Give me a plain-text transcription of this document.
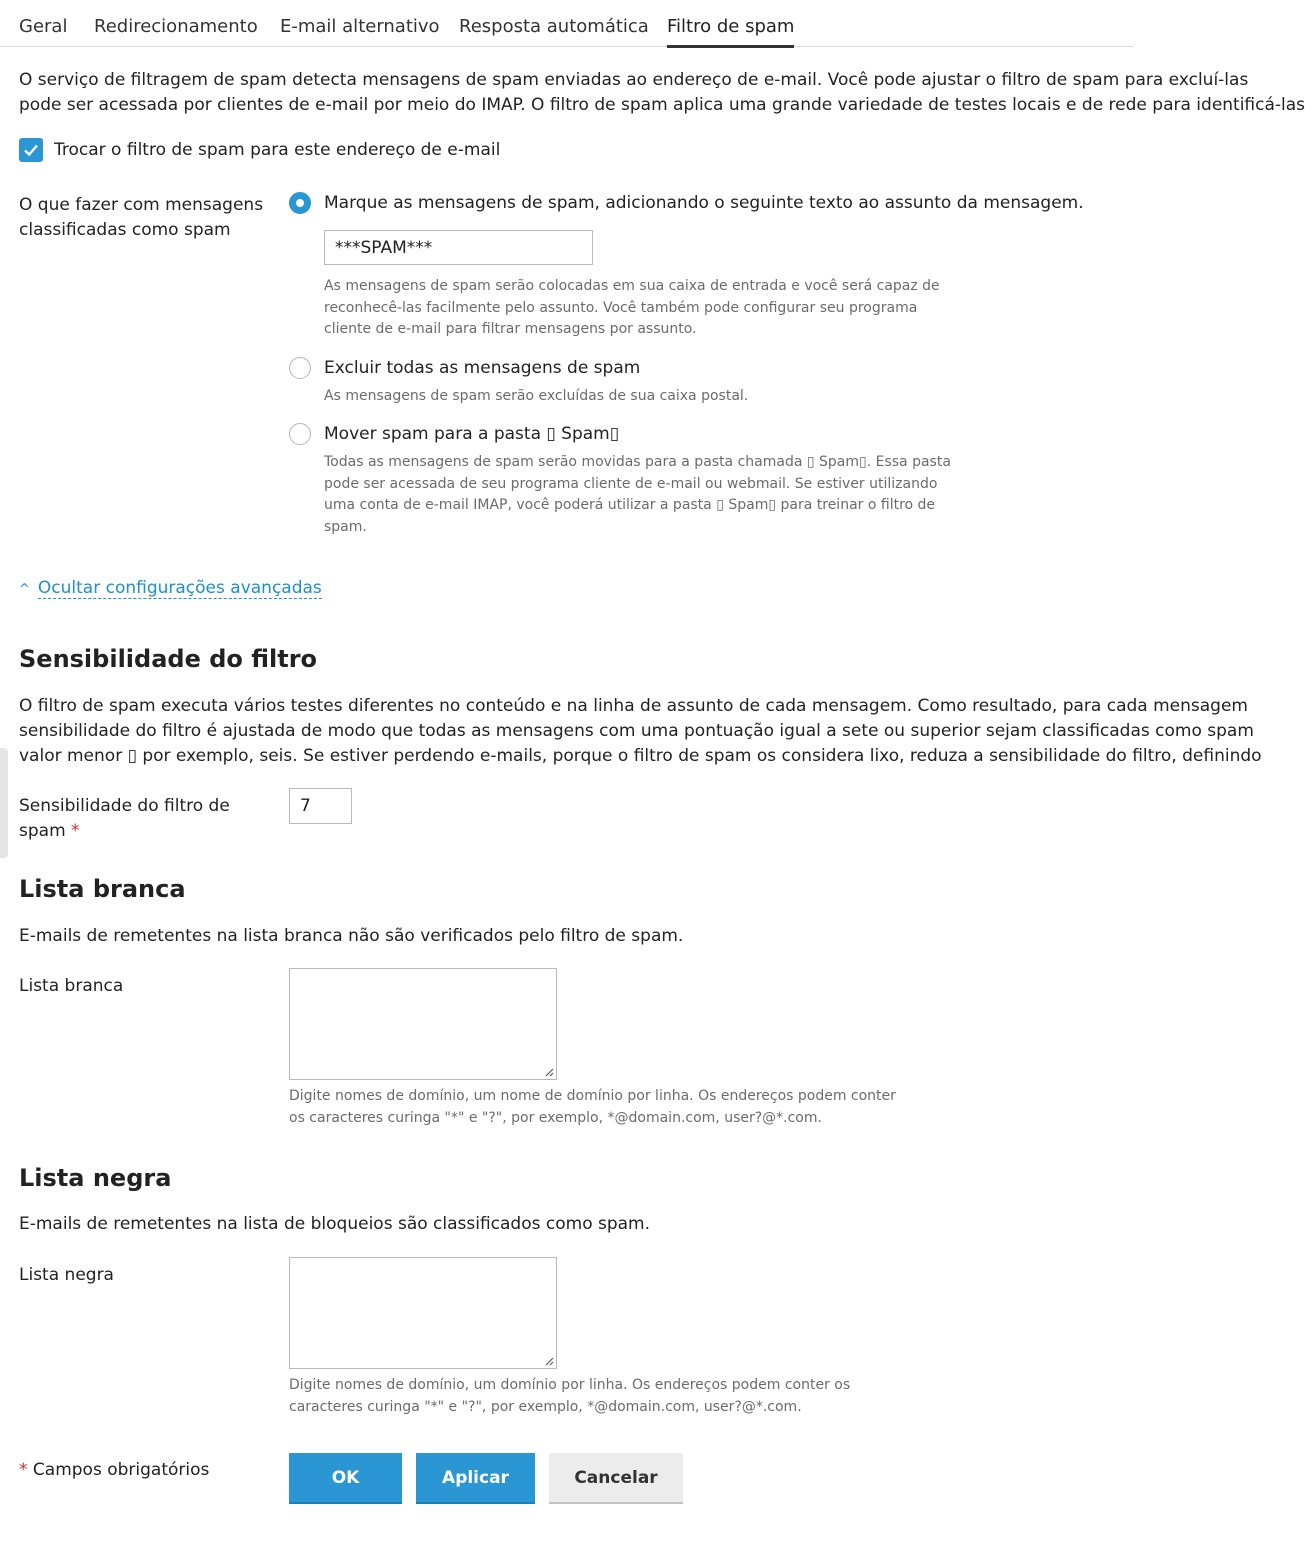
Geral Redirecionamento E-mail alternativo Resposta automática Filtro de spam
O serviço de filtragem de spam detecta mensagens de spam enviadas ao endereço de e-mail. Você pode ajustar o filtro de spam para excluí-las
pode ser acessada por clientes de e-mail por meio do IMAP. O filtro de spam aplica uma grande variedade de testes locais e de rede para identificá-las
Trocar o filtro de spam para este endereço de e-mail
O que fazer com mensagens
classificadas como spam
Marque as mensagens de spam, adicionando o seguinte texto ao assunto da mensagem.
***SPAM***
As mensagens de spam serão colocadas em sua caixa de entrada e você será capaz de
reconhecê-las facilmente pelo assunto. Você também pode configurar seu programa
cliente de e-mail para filtrar mensagens por assunto.
Excluir todas as mensagens de spam
As mensagens de spam serão excluídas de sua caixa postal.
Mover spam para a pasta ▯ Spam▯
Todas as mensagens de spam serão movidas para a pasta chamada ▯ Spam▯. Essa pasta
pode ser acessada de seu programa cliente de e-mail ou webmail. Se estiver utilizando
uma conta de e-mail IMAP, você poderá utilizar a pasta ▯ Spam▯ para treinar o filtro de
spam.
^ Ocultar configurações avançadas
Sensibilidade do filtro
O filtro de spam executa vários testes diferentes no conteúdo e na linha de assunto de cada mensagem. Como resultado, para cada mensagem
sensibilidade do filtro é ajustada de modo que todas as mensagens com uma pontuação igual a sete ou superior sejam classificadas como spam
valor menor ▯ por exemplo, seis. Se estiver perdendo e-mails, porque o filtro de spam os considera lixo, reduza a sensibilidade do filtro, definindo
Sensibilidade do filtro de
spam *
7
Lista branca
E-mails de remetentes na lista branca não são verificados pelo filtro de spam.
Lista branca
Digite nomes de domínio, um nome de domínio por linha. Os endereços podem conter
os caracteres curinga "*" e "?", por exemplo, *@domain.com, user?@*.com.
Lista negra
E-mails de remetentes na lista de bloqueios são classificados como spam.
Lista negra
Digite nomes de domínio, um domínio por linha. Os endereços podem conter os
caracteres curinga "*" e "?", por exemplo, *@domain.com, user?@*.com.
* Campos obrigatórios	OK	Aplicar	Cancelar
